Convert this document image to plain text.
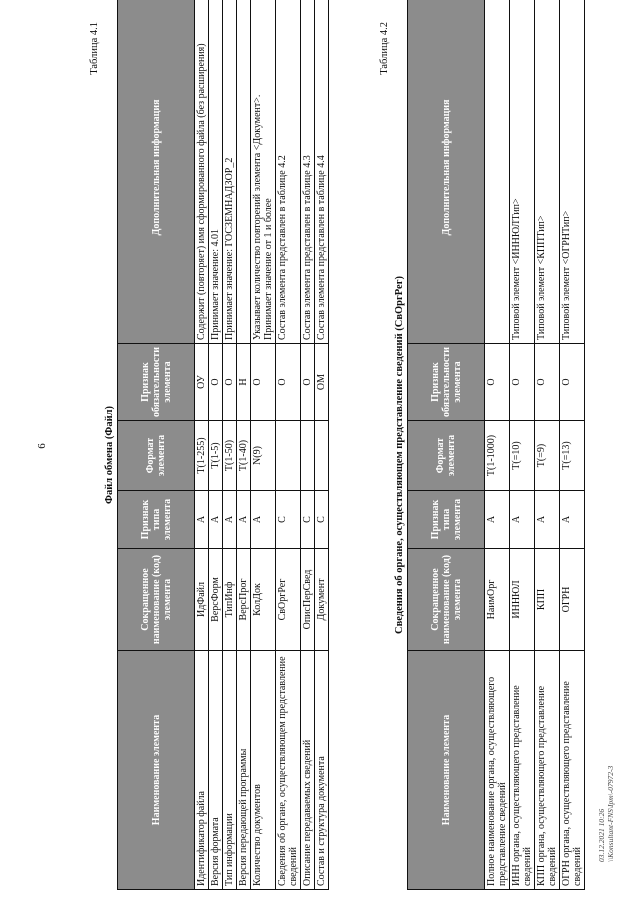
6
Таблица 4.1
Файл обмена (Файл)
Наименование элемента	Сокращенное наименование (код) элемента	Признак типа элемента	Формат элемента	Признак обязательности элемента	Дополнительная информация
Идентификатор файла	ИдФайл	А	T(1-255)	ОУ	Содержит (повторяет) имя сформированного файла (без расширения)

Версия формата	ВерсФорм	А	T(1-5)	О	Принимает значение: 4.01

Тип информации	ТипИнф	А	T(1-50)	О	Принимает значение: ГОСЗЕМНАДЗОР_2

Версия передающей программы	ВерсПрог	А	T(1-40)	Н	

Количество документов	КолДок	А	N(9)	О	Указывает количество повторений элемента <Документ>. Принимает значение от 1 и более

Сведения об органе, осуществляющем представление сведений	СвОргРег	С		О	Состав элемента представлен в таблице 4.2

Описание передаваемых сведений	ОписПерСвед	С		О	Состав элемента представлен в таблице 4.3

Состав и структура документа	Документ	С		ОМ	Состав элемента представлен в таблице 4.4
Таблица 4.2
Сведения об органе, осуществляющем представление сведений (СвОргРег)
Наименование элемента	Сокращенное наименование (код) элемента	Признак типа элемента	Формат элемента	Признак обязательности элемента	Дополнительная информация
Полное наименование органа, осуществляющего представление сведений	НаимОрг	А	T(1-1000)	О	

ИНН органа, осуществляющего представление сведений	ИННЮЛ	А	T(=10)	О	Типовой элемент <ИННЮЛТип>

КПП органа, осуществляющего представление сведений	КПП	А	T(=9)	О	Типовой элемент <КППТип>

ОГРН органа, осуществляющего представление сведений	ОГРН	А	T(=13)	О	Типовой элемент <ОГРНТип>
03.12.2021 10:26 \\Konsultant-FNS\Ipm\-07972-3
